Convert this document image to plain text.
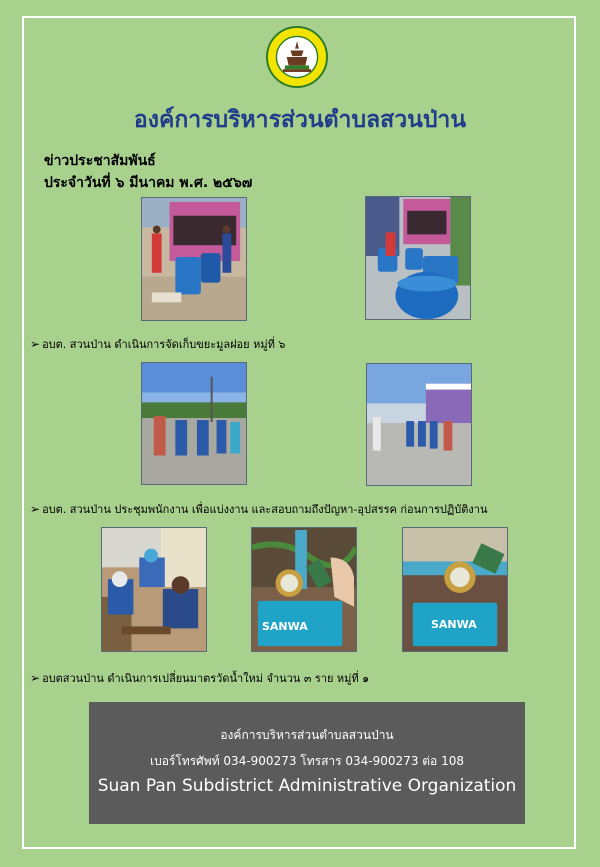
องค์การบริหารส่วนตำบลสวนป่าน
ข่าวประชาสัมพันธ์
ประจำวันที่ ๖ มีนาคม พ.ศ. ๒๕๖๗
➢ อบต. สวนป่าน ดำเนินการจัดเก็บขยะมูลฝอย หมู่ที่ ๖
➢ อบต. สวนป่าน ประชุมพนักงาน เพื่อแบ่งงาน และสอบถามถึงปัญหา-อุปสรรค ก่อนการปฏิบัติงาน
SANWA	SANWA
➢ อบตสวนป่าน ดำเนินการเปลี่ยนมาตรวัดน้ำใหม่ จำนวน ๓ ราย หมู่ที่ ๑
องค์การบริหารส่วนตำบลสวนป่าน
เบอร์โทรศัพท์ 034-900273 โทรสาร 034-900273 ต่อ 108
Suan Pan Subdistrict Administrative Organization
